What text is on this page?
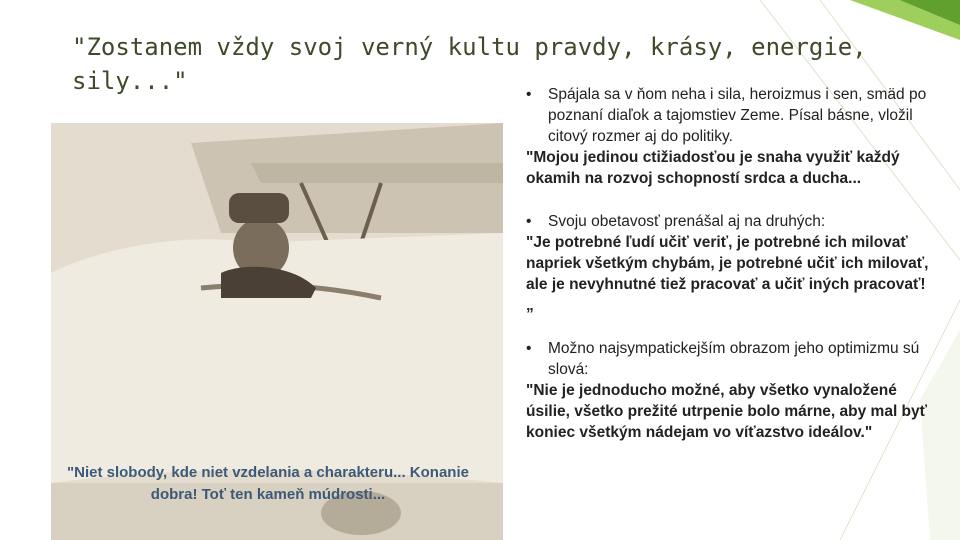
"Zostanem vždy svoj verný kultu pravdy, krásy, energie, sily..."
"Niet slobody, kde niet vzdelania a charakteru... Konanie dobra! Toť ten kameň múdrosti...
•	Spájala sa v ňom neha i sila, heroizmus i sen, smäd po poznaní diaľok a tajomstiev Zeme. Písal básne, vložil citový rozmer aj do politiky.
"Mojou jedinou ctižiadosťou je snaha využiť každý okamih na rozvoj schopností srdca a ducha...
•	Svoju obetavosť prenášal aj na druhých:
"Je potrebné ľudí učiť veriť, je potrebné ich milovať napriek všetkým chybám, je potrebné učiť ich milovať, ale je nevyhnutné tiež pracovať a učiť iných pracovať!„
•	Možno najsympatickejším obrazom jeho optimizmu sú slová:
"Nie je jednoducho možné, aby všetko vynaložené úsilie, všetko prežité utrpenie bolo márne, aby mal byť koniec všetkým nádejam vo víťazstvo ideálov."
